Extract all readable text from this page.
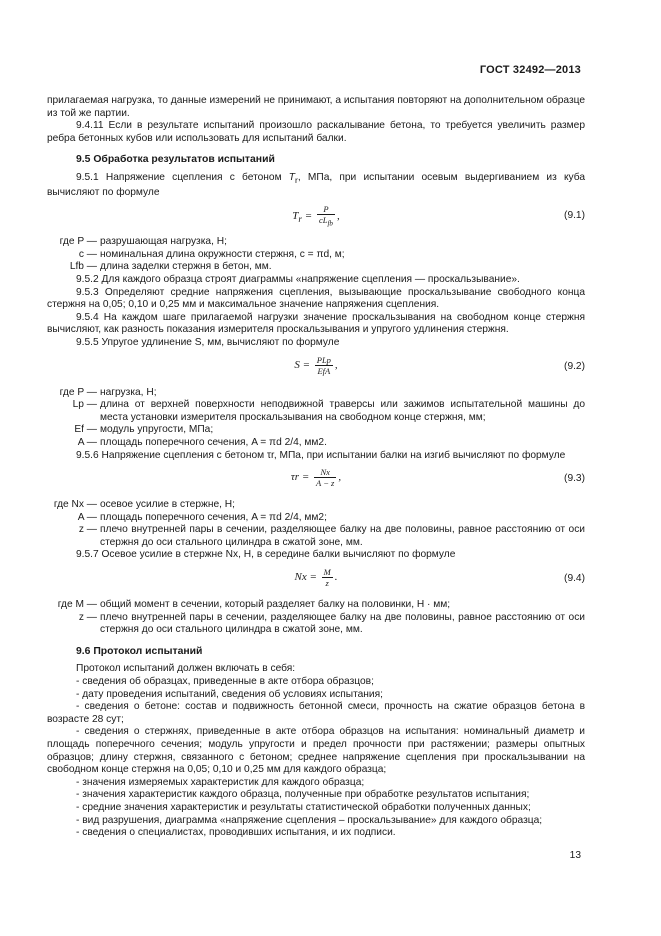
ГОСТ 32492—2013

прилагаемая нагрузка, то данные измерений не принимают, а испытания повторяют на дополнительном образце из той же партии.

9.4.11 Если в результате испытаний произошло раскалывание бетона, то требуется увеличить размер ребра бетонных кубов или использовать для испытаний балки.

9.5 Обработка результатов испытаний

9.5.1 Напряжение сцепления с бетоном $T_r$, МПа, при испытании осевым выдергиванием из куба вычисляют по формуле

$T_r = \frac{P}{cL_{fb}}$ ,	(9.1)
где P — разрушающая нагрузка, Н;
c — номинальная длина окружности стержня, c = πd, м;
Lfb — длина заделки стержня в бетон, мм.

9.5.2 Для каждого образца строят диаграммы «напряжение сцепления — проскальзывание».

9.5.3 Определяют средние напряжения сцепления, вызывающие проскальзывание свободного конца стержня на 0,05; 0,10 и 0,25 мм и максимальное значение напряжения сцепления.

9.5.4 На каждом шаге прилагаемой нагрузки значение проскальзывания на свободном конце стержня вычисляют, как разность показания измерителя проскальзывания и упругого удлинения стержня.

9.5.5 Упругое удлинение S, мм, вычисляют по формуле

$S = \frac{\text{PLp}}{\text{EfA}}$ ,	(9.2)
где P — нагрузка, Н;
Lp — длина от верхней поверхности неподвижной траверсы или зажимов испытательной машины до места установки измерителя проскальзывания на свободном конце стержня, мм;
Ef — модуль упругости, МПа;
A — площадь поперечного сечения, A = πd 2/4, мм2.

9.5.6 Напряжение сцепления с бетоном τr, МПа, при испытании балки на изгиб вычисляют по формуле

$\tau r = \frac{Nx}{A - z}$ ,	(9.3)
где Nx — осевое усилие в стержне, Н;
A — площадь поперечного сечения, A = πd 2/4, мм2;
z — плечо внутренней пары в сечении, разделяющее балку на две половины, равное расстоянию от оси стержня до оси стального цилиндра в сжатой зоне, мм.

9.5.7 Осевое усилие в стержне Nx, Н, в середине балки вычисляют по формуле

$Nx = \frac{M}{z}$ .	(9.4)
где M — общий момент в сечении, который разделяет балку на половинки, Н · мм;
z — плечо внутренней пары в сечении, разделяющее балку на две половины, равное расстоянию от оси стержня до оси стального цилиндра в сжатой зоне, мм.
9.6 Протокол испытаний

Протокол испытаний должен включать в себя:

- сведения об образцах, приведенные в акте отбора образцов;

- дату проведения испытаний, сведения об условиях испытания;

- сведения о бетоне: состав и подвижность бетонной смеси, прочность на сжатие образцов бетона в возрасте 28 сут;

- сведения о стержнях, приведенные в акте отбора образцов на испытания: номинальный диаметр и площадь поперечного сечения; модуль упругости и предел прочности при растяжении; размеры опытных образцов; длину стержня, связанного с бетоном; среднее напряжение сцепления при проскальзывании на свободном конце стержня на 0,05; 0,10 и 0,25 мм для каждого образца;

- значения измеряемых характеристик для каждого образца;

- значения характеристик каждого образца, полученные при обработке результатов испытания;

- средние значения характеристик и результаты статистической обработки полученных данных;

- вид разрушения, диаграмма «напряжение сцепления – проскальзывание» для каждого образца;

- сведения о специалистах, проводивших испытания, и их подписи.

13
